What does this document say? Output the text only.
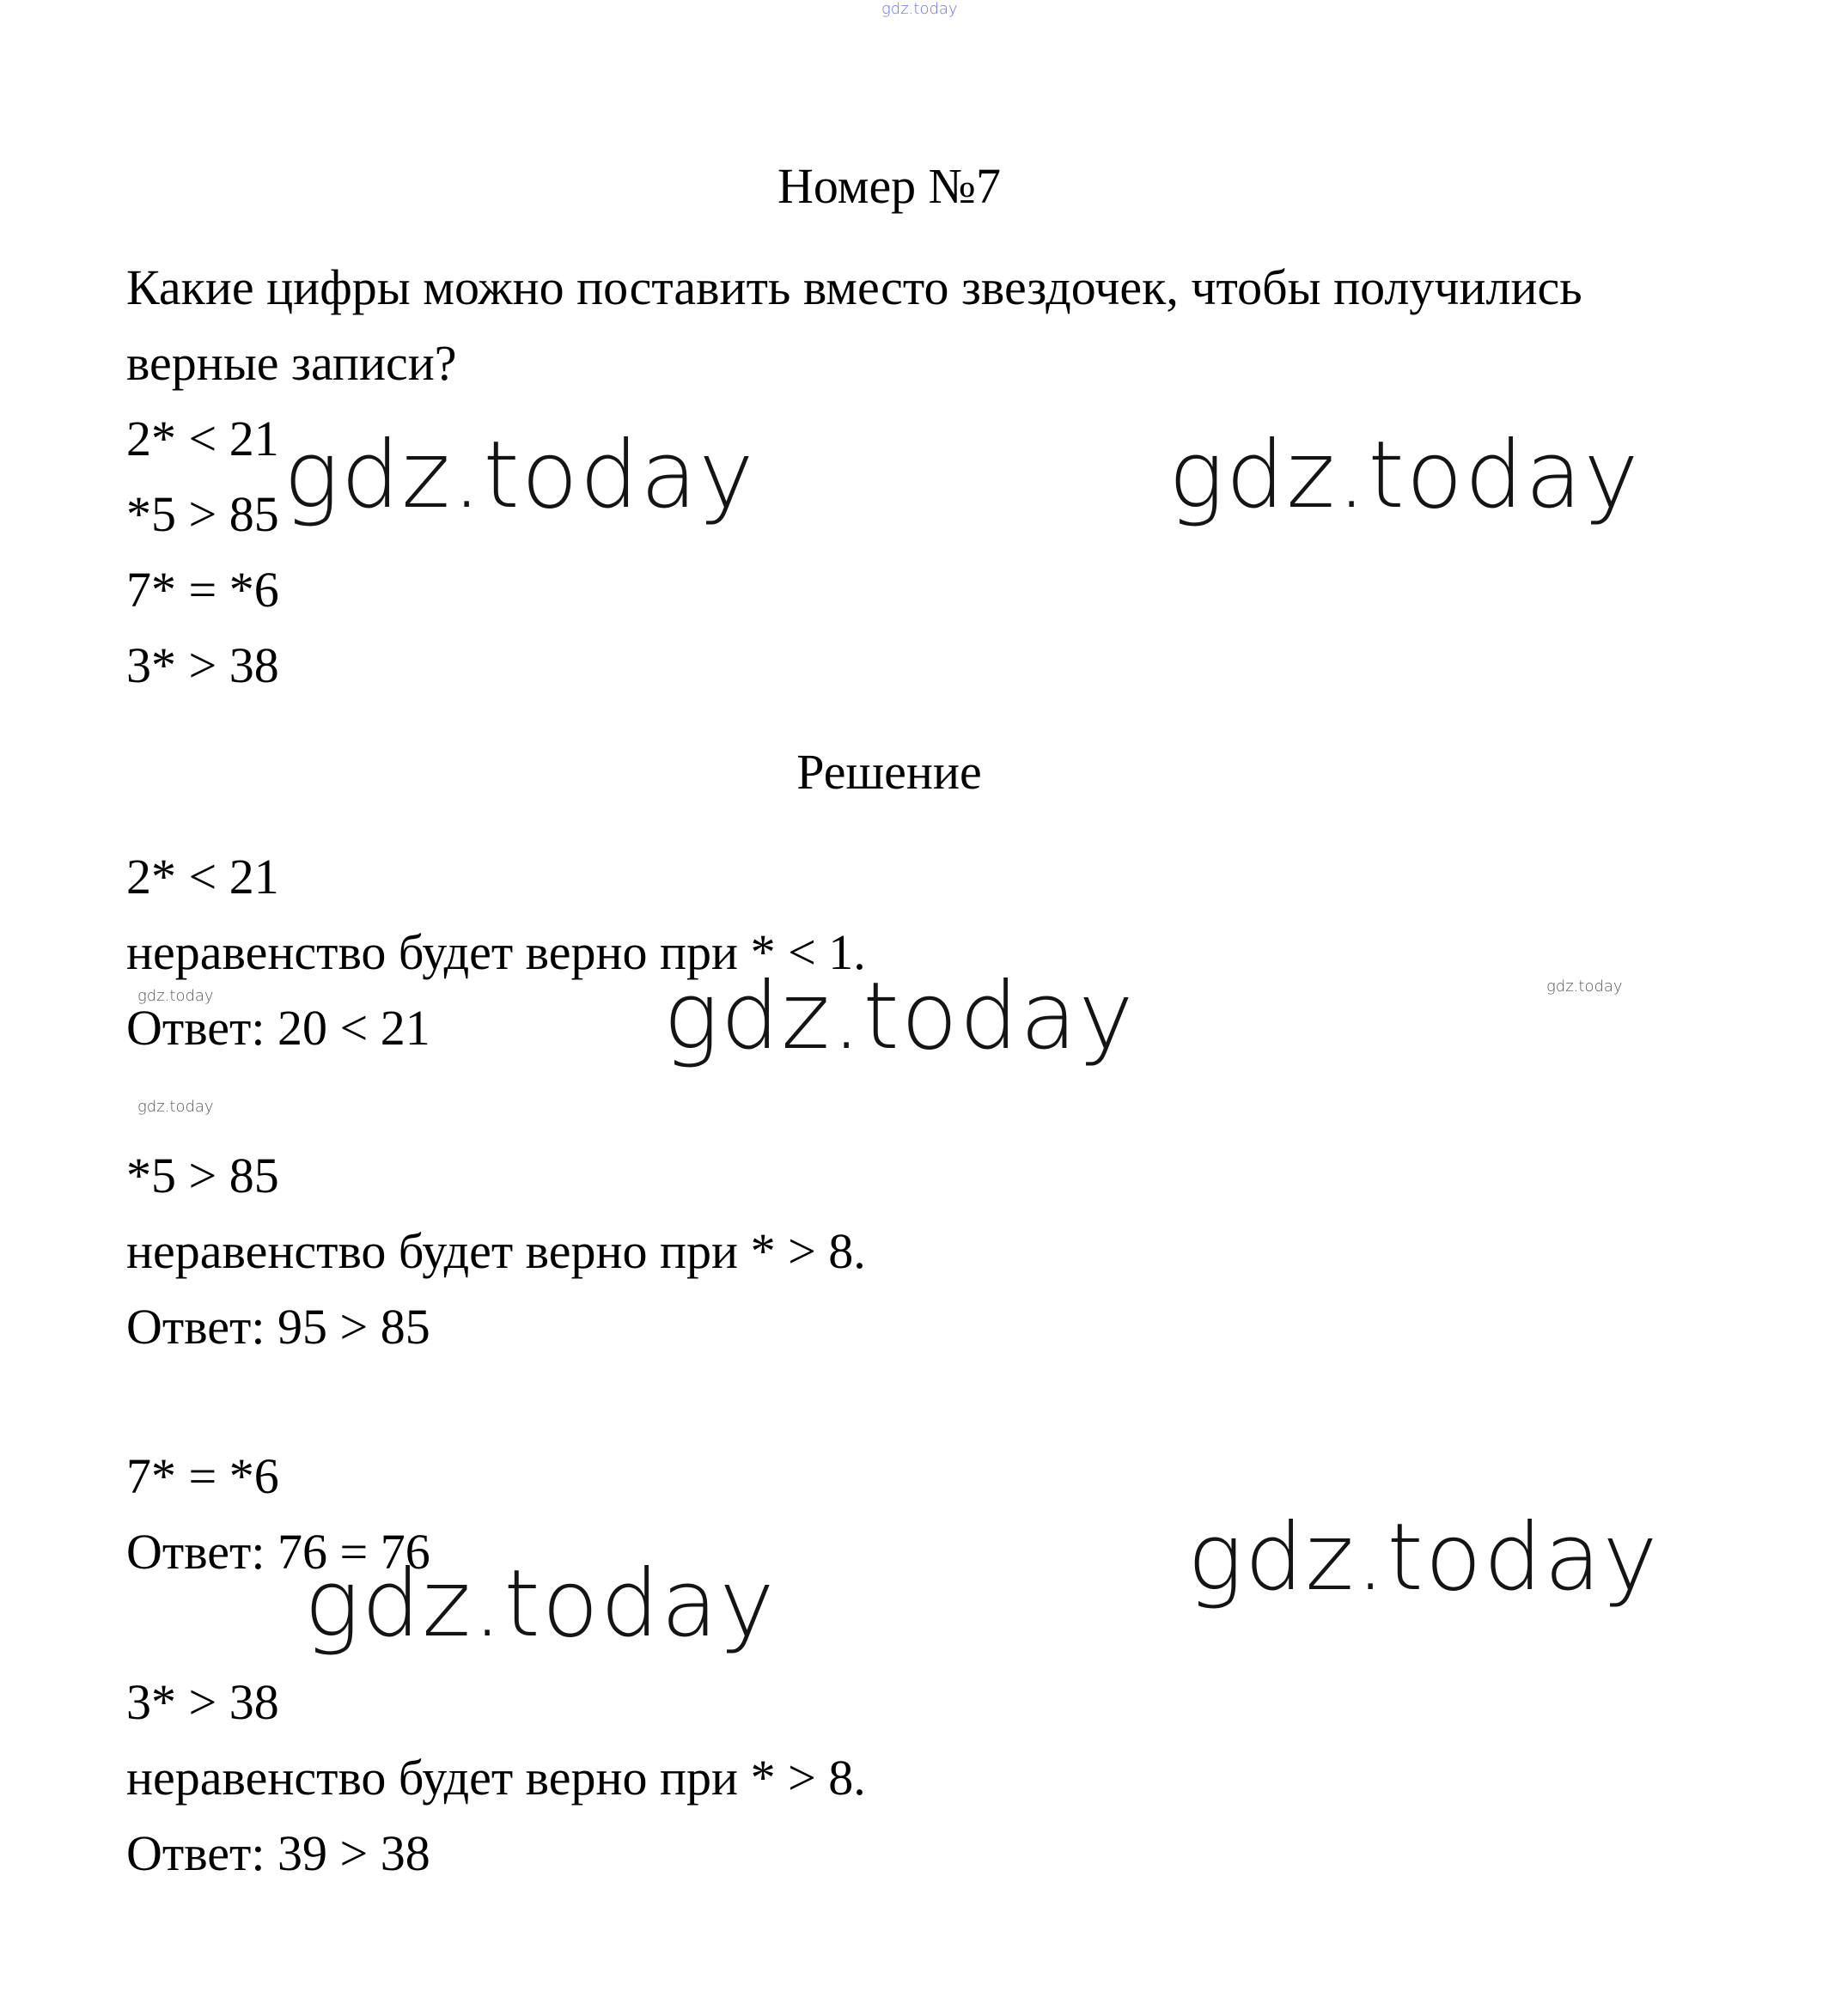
gdz.today
Номер №7
Какие цифры можно поставить вместо звездочек, чтобы получились
верные записи?
2* < 21
*5 > 85
7* = *6
3* > 38
gdz.today	gdz.today
Решение
2* < 21
неравенство будет верно при * < 1.
Ответ: 20 < 21
gdz.today
gdz.today
gdz.today
gdz.today
*5 > 85
неравенство будет верно при * > 8.
Ответ: 95 > 85
7* = *6
Ответ: 76 = 76	gdz.today
gdz.today
3* > 38
неравенство будет верно при * > 8.
Ответ: 39 > 38
